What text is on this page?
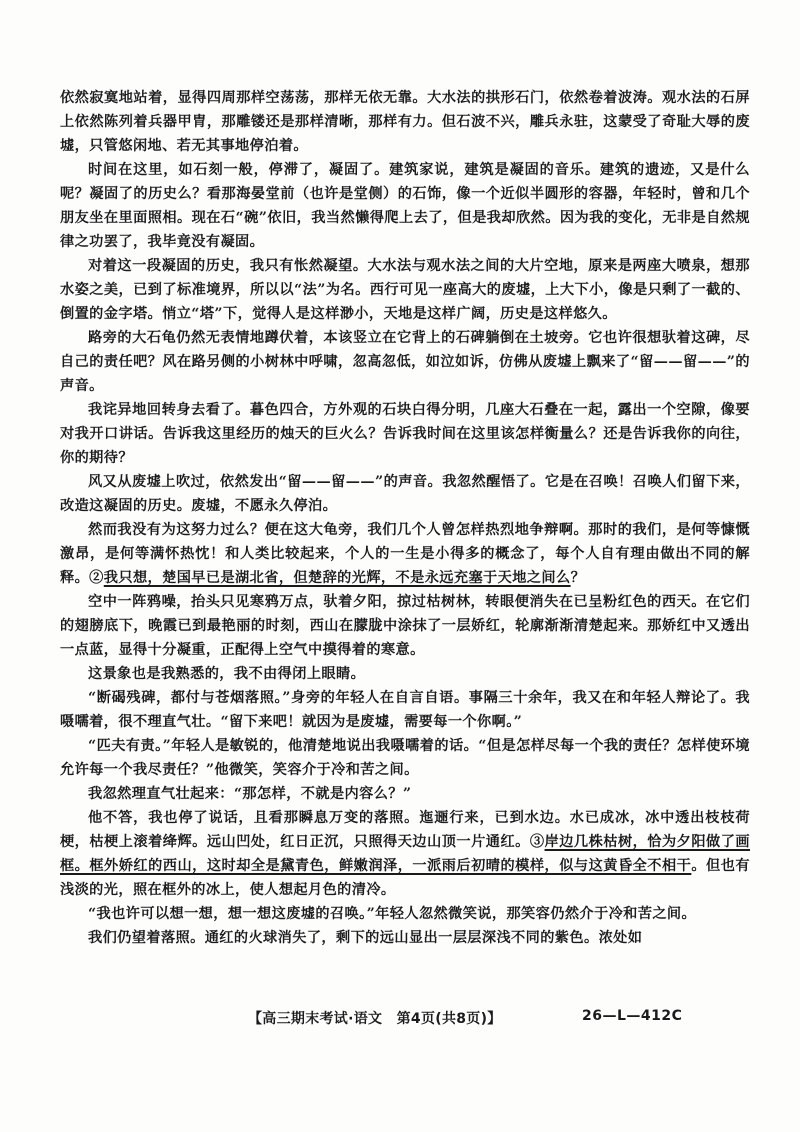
依然寂寞地站着，显得四周那样空荡荡，那样无依无靠。大水法的拱形石门，依然卷着波涛。观水法的石屏上依然陈列着兵器甲胄，那雕镂还是那样清晰，那样有力。但石波不兴，雕兵永驻，这蒙受了奇耻大辱的废墟，只管悠闲地、若无其事地停泊着。

时间在这里，如石刻一般，停滞了，凝固了。建筑家说，建筑是凝固的音乐。建筑的遗迹，又是什么呢？凝固了的历史么？看那海晏堂前（也许是堂侧）的石饰，像一个近似半圆形的容器，年轻时，曾和几个朋友坐在里面照相。现在石“碗”依旧，我当然懒得爬上去了，但是我却欣然。因为我的变化，无非是自然规律之功罢了，我毕竟没有凝固。

对着这一段凝固的历史，我只有怅然凝望。大水法与观水法之间的大片空地，原来是两座大喷泉，想那水姿之美，已到了标准境界，所以以“法”为名。西行可见一座高大的废墟，上大下小，像是只剩了一截的、倒置的金字塔。悄立“塔”下，觉得人是这样渺小，天地是这样广阔，历史是这样悠久。

路旁的大石龟仍然无表情地蹲伏着，本该竖立在它背上的石碑躺倒在土坡旁。它也许很想驮着这碑，尽自己的责任吧？风在路另侧的小树林中呼啸，忽高忽低，如泣如诉，仿佛从废墟上飘来了“留——留——”的声音。

我诧异地回转身去看了。暮色四合，方外观的石块白得分明，几座大石叠在一起，露出一个空隙，像要对我开口讲话。告诉我这里经历的烛天的巨火么？告诉我时间在这里该怎样衡量么？还是告诉我你的向往，你的期待？

风又从废墟上吹过，依然发出“留——留——”的声音。我忽然醒悟了。它是在召唤！召唤人们留下来，改造这凝固的历史。废墟，不愿永久停泊。

然而我没有为这努力过么？便在这大龟旁，我们几个人曾怎样热烈地争辩啊。那时的我们，是何等慷慨激昂，是何等满怀热忱！和人类比较起来，个人的一生是小得多的概念了，每个人自有理由做出不同的解释。②我只想，楚国早已是湖北省，但楚辞的光辉，不是永远充塞于天地之间么？

空中一阵鸦噪，抬头只见寒鸦万点，驮着夕阳，掠过枯树林，转眼便消失在已呈粉红色的西天。在它们的翅膀底下，晚霞已到最艳丽的时刻，西山在朦胧中涂抹了一层娇红，轮廓渐渐清楚起来。那娇红中又透出一点蓝，显得十分凝重，正配得上空气中摸得着的寒意。

这景象也是我熟悉的，我不由得闭上眼睛。

“断碣残碑，都付与苍烟落照。”身旁的年轻人在自言自语。事隔三十余年，我又在和年轻人辩论了。我嗫嚅着，很不理直气壮。“留下来吧！就因为是废墟，需要每一个你啊。”

“匹夫有责。”年轻人是敏锐的，他清楚地说出我嗫嚅着的话。“但是怎样尽每一个我的责任？怎样使环境允许每一个我尽责任？”他微笑，笑容介于冷和苦之间。

我忽然理直气壮起来：“那怎样，不就是内容么？”

他不答，我也停了说话，且看那瞬息万变的落照。迤逦行来，已到水边。水已成冰，冰中透出枝枝荷梗，枯梗上滚着绛辉。远山凹处，红日正沉，只照得天边山顶一片通红。③岸边几株枯树，恰为夕阳做了画框。框外娇红的西山，这时却全是黛青色，鲜嫩润泽，一派雨后初晴的模样，似与这黄昏全不相干。但也有浅淡的光，照在框外的冰上，使人想起月色的清冷。

“我也许可以想一想，想一想这废墟的召唤。”年轻人忽然微笑说，那笑容仍然介于冷和苦之间。

我们仍望着落照。通红的火球消失了，剩下的远山显出一层层深浅不同的紫色。浓处如

【高三期末考试·语文　第4页(共8页)】	26—L—412C
